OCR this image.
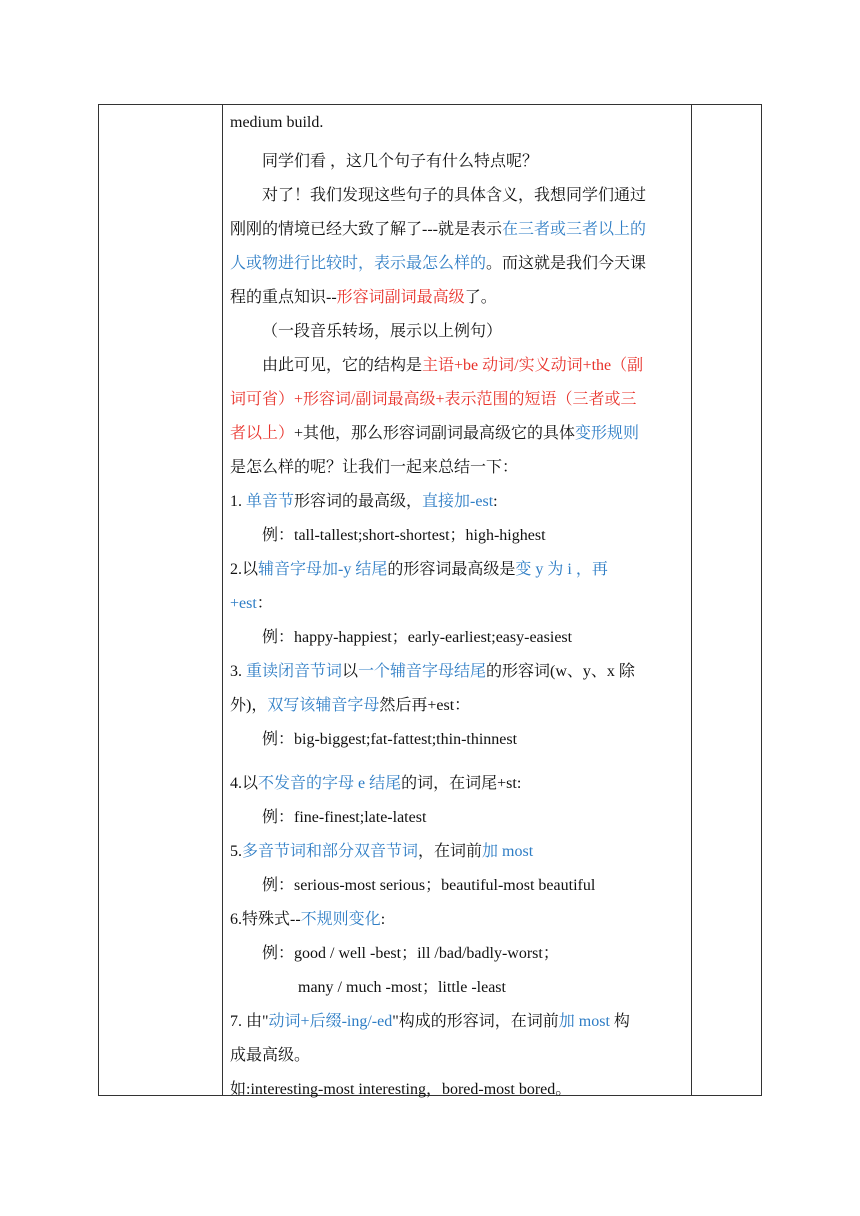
medium build.
同学们看 ，这几个句子有什么特点呢？
对了！我们发现这些句子的具体含义，我想同学们通过
刚刚的情境已经大致了解了---就是表示在三者或三者以上的
人或物进行比较时，表示最怎么样的。而这就是我们今天课
程的重点知识--形容词副词最高级了。
（一段音乐转场，展示以上例句）
由此可见，它的结构是主语+be 动词/实义动词+the（副
词可省）+形容词/副词最高级+表示范围的短语（三者或三
者以上）+其他，那么形容词副词最高级它的具体变形规则
是怎么样的呢？让我们一起来总结一下：
1. 单音节形容词的最高级，直接加-est:
例：tall-tallest;short-shortest；high-highest
2.以辅音字母加-y 结尾的形容词最高级是变 y 为 i ，再
+est：
例：happy-happiest；early-earliest;easy-easiest
3. 重读闭音节词以一个辅音字母结尾的形容词(w、y、x 除
外)，双写该辅音字母然后再+est：
例：big-biggest;fat-fattest;thin-thinnest
4.以不发音的字母 e 结尾的词，在词尾+st:
例：fine-finest;late-latest
5.多音节词和部分双音节词，在词前加 most
例：serious-most serious；beautiful-most beautiful
6.特殊式--不规则变化:
例：good / well -best；ill /bad/badly-worst；
many / much -most；little -least
7. 由"动词+后缀-ing/-ed"构成的形容词，在词前加 most 构
成最高级。
如:interesting-most interesting，bored-most bored。
